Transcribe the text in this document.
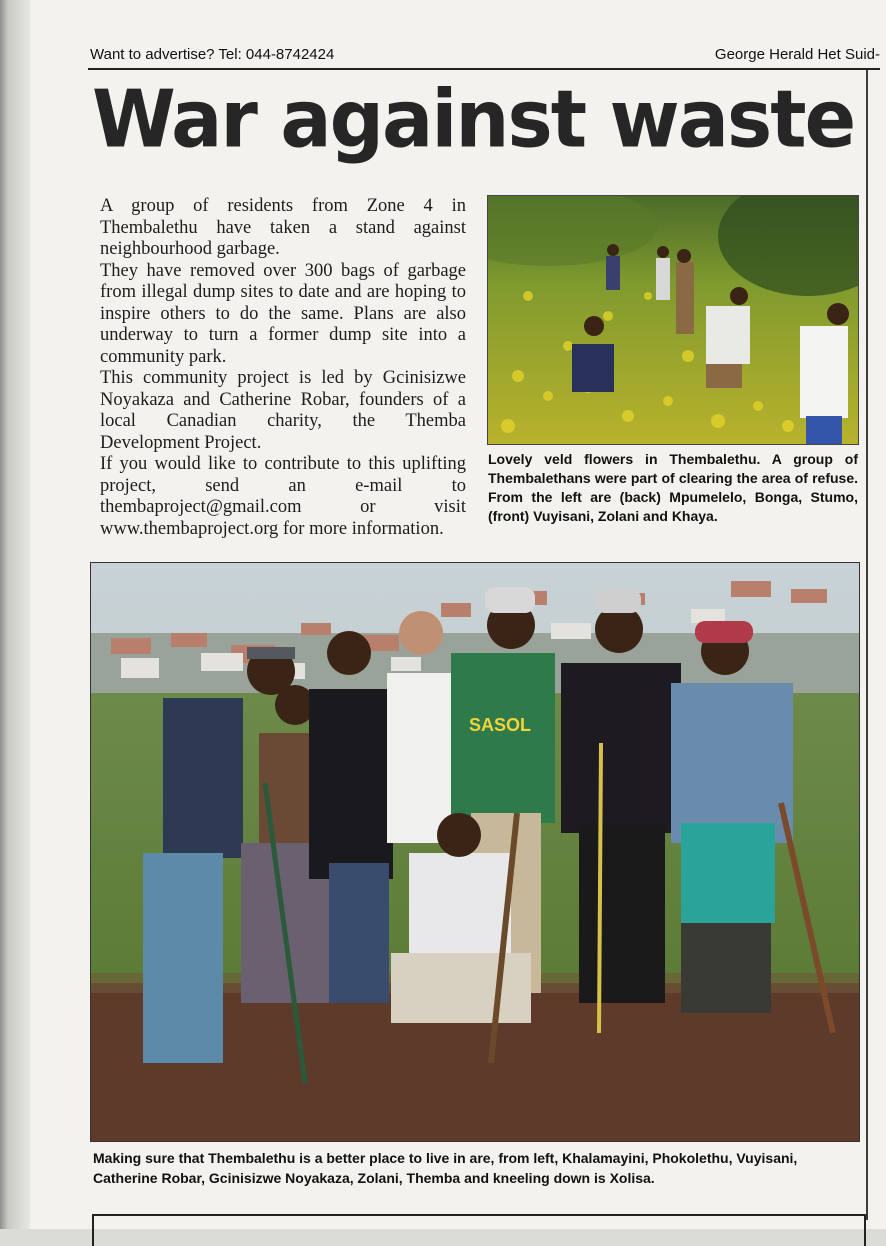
Want to advertise? Tel: 044-8742424	George Herald Het Suid-
War against waste

A group of residents from Zone 4 in Thembalethu have taken a stand against neighbourhood garbage.

They have removed over 300 bags of garbage from illegal dump sites to date and are hoping to inspire others to do the same. Plans are also underway to turn a former dump site into a community park.

This community project is led by Gcinisizwe Noyakaza and Catherine Robar, founders of a local Canadian charity, the Themba Development Project.

If you would like to contribute to this uplifting project, send an e-mail to thembaproject@gmail.com or visit www.thembaproject.org for more information.

Lovely veld flowers in Thembalethu. A group of Thembalethans were part of clearing the area of refuse. From the left are (back) Mpumelelo, Bonga, Stumo, (front) Vuyisani, Zolani and Khaya.
SASOL
Making sure that Thembalethu is a better place to live in are, from left, Khalamayini, Phokolethu, Vuyisani, Catherine Robar, Gcinisizwe Noyakaza, Zolani, Themba and kneeling down is Xolisa.
